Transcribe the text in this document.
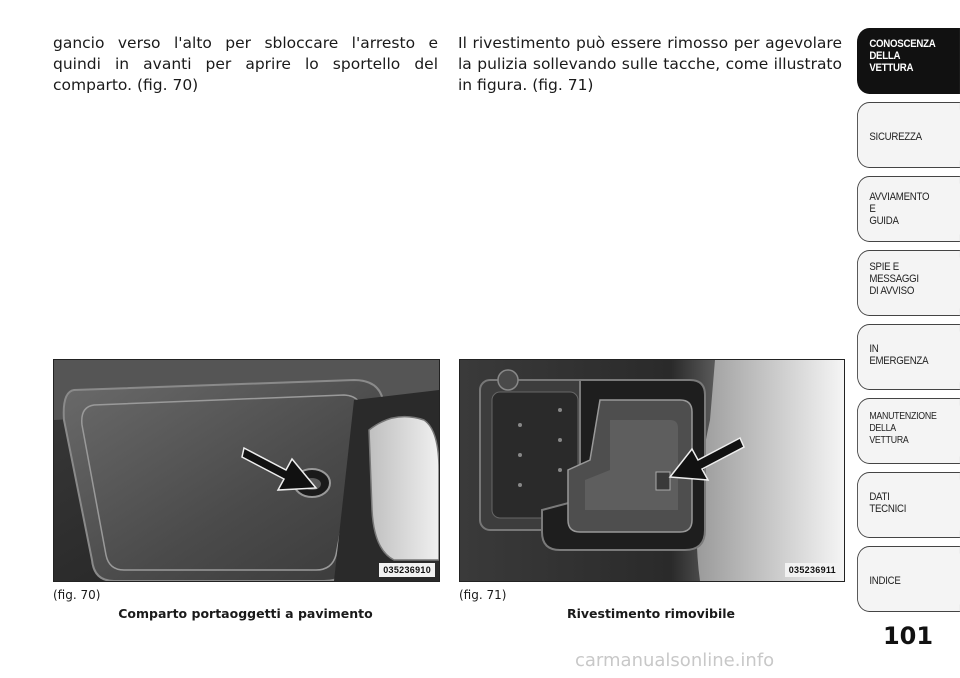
gancio verso l'alto per sbloccare l'arresto e quindi in avanti per aprire lo sportello del comparto. (fig. 70)
Il rivestimento può essere rimosso per agevolare la pulizia sollevando sulle tacche, come illustrato in figura. (fig. 71)
035236910	035236911
(fig. 70)	(fig. 71)
Comparto portaoggetti a pavimento	Rivestimento rimovibile
CONOSCENZA
DELLA
VETTURA
SICUREZZA
AVVIAMENTO
E
GUIDA
SPIE E
MESSAGGI
DI AVVISO
IN
EMERGENZA
MANUTENZIONE
DELLA
VETTURA
DATI
TECNICI
INDICE
101
carmanualsonline.info
